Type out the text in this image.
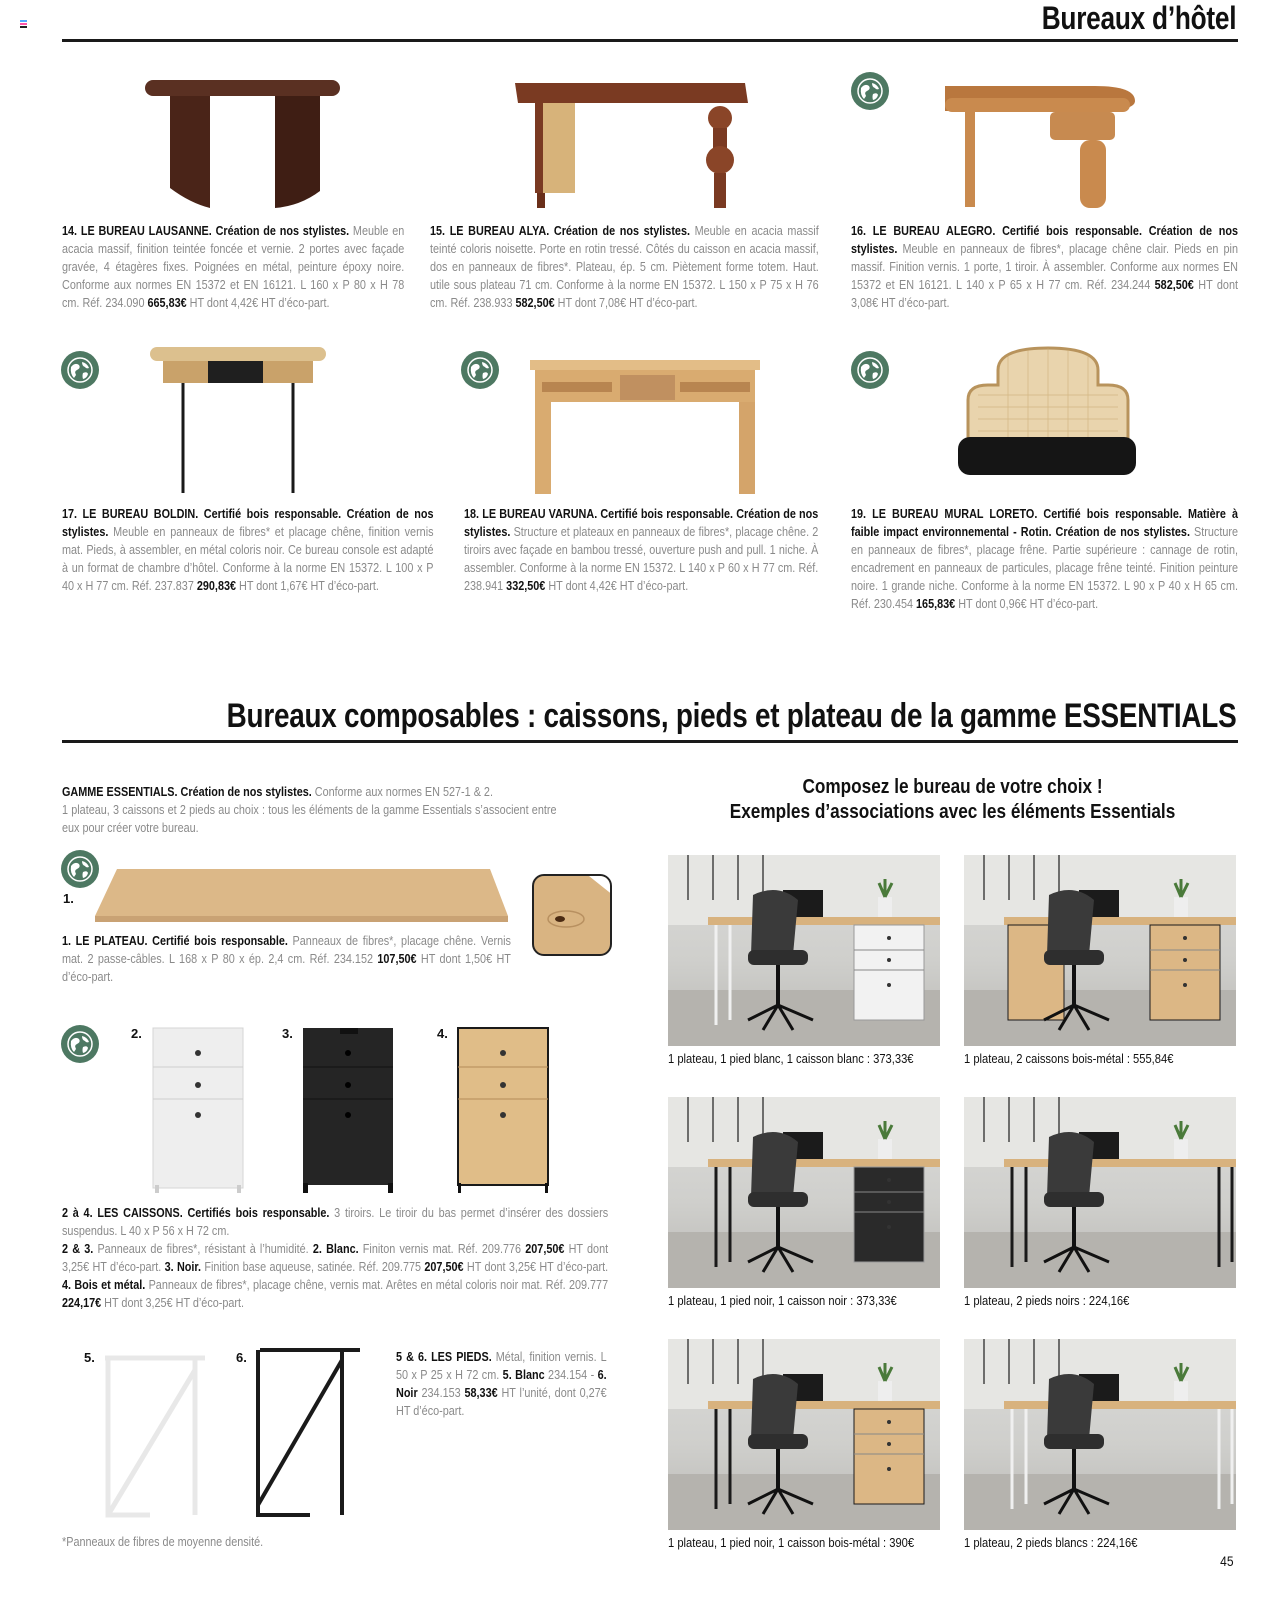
Bureaux d’hôtel
14. LE BUREAU LAUSANNE. Création de nos stylistes. Meuble en acacia massif, finition teintée foncée et vernie. 2 portes avec façade gravée, 4 étagères fixes. Poignées en métal, peinture époxy noire. Conforme aux normes EN 15372 et EN 16121. L 160 x P 80 x H 78 cm. Réf. 234.090 665,83€ HT dont 4,42€ HT d’éco-part.
15. LE BUREAU ALYA. Création de nos stylistes. Meuble en acacia massif teinté coloris noisette. Porte en rotin tressé. Côtés du caisson en acacia massif, dos en panneaux de fibres*. Plateau, ép. 5 cm. Piètement forme totem. Haut. utile sous plateau 71 cm. Conforme à la norme EN 15372. L 150 x P 75 x H 76 cm. Réf. 238.933 582,50€ HT dont 7,08€ HT d’éco-part.
16. LE BUREAU ALEGRO. Certifié bois responsable. Création de nos stylistes. Meuble en panneaux de fibres*, placage chêne clair. Pieds en pin massif. Finition vernis. 1 porte, 1 tiroir. À assembler. Conforme aux normes EN 15372 et EN 16121. L 140 x P 65 x H 77 cm. Réf. 234.244 582,50€ HT dont 3,08€ HT d’éco-part.
17. LE BUREAU BOLDIN. Certifié bois responsable. Création de nos stylistes. Meuble en panneaux de fibres* et placage chêne, finition vernis mat. Pieds, à assembler, en métal coloris noir. Ce bureau console est adapté à un format de chambre d’hôtel. Conforme à la norme EN 15372. L 100 x P 40 x H 77 cm. Réf. 237.837 290,83€ HT dont 1,67€ HT d’éco-part.
18. LE BUREAU VARUNA. Certifié bois responsable. Création de nos stylistes. Structure et plateaux en panneaux de fibres*, placage chêne. 2 tiroirs avec façade en bambou tressé, ouverture push and pull. 1 niche. À assembler. Conforme à la norme EN 15372. L 140 x P 60 x H 77 cm. Réf. 238.941 332,50€ HT dont 4,42€ HT d’éco-part.
19. LE BUREAU MURAL LORETO. Certifié bois responsable. Matière à faible impact environnemental - Rotin. Création de nos stylistes. Structure en panneaux de fibres*, placage frêne. Partie supérieure : cannage de rotin, encadrement en panneaux de particules, placage frêne teinté. Finition peinture noire. 1 grande niche. Conforme à la norme EN 15372. L 90 x P 40 x H 65 cm. Réf. 230.454 165,83€ HT dont 0,96€ HT d’éco-part.
Bureaux composables : caissons, pieds et plateau de la gamme ESSENTIALS
GAMME ESSENTIALS. Création de nos stylistes. Conforme aux normes EN 527-1 & 2.
1 plateau, 3 caissons et 2 pieds au choix : tous les éléments de la gamme Essentials s’associent entre eux pour créer votre bureau.
Composez le bureau de votre choix !
Exemples d’associations avec les éléments Essentials
1.
1. LE PLATEAU. Certifié bois responsable. Panneaux de fibres*, placage chêne. Vernis mat. 2 passe-câbles. L 168 x P 80 x ép. 2,4 cm. Réf. 234.152 107,50€ HT dont 1,50€ HT d’éco-part.
2.	3.	4.
2 à 4. LES CAISSONS. Certifiés bois responsable. 3 tiroirs. Le tiroir du bas permet d’insérer des dossiers suspendus. L 40 x P 56 x H 72 cm.
2 & 3. Panneaux de fibres*, résistant à l’humidité. 2. Blanc. Finiton vernis mat. Réf. 209.776 207,50€ HT dont 3,25€ HT d’éco-part. 3. Noir. Finition base aqueuse, satinée. Réf. 209.775 207,50€ HT dont 3,25€ HT d’éco-part. 4. Bois et métal. Panneaux de fibres*, placage chêne, vernis mat. Arêtes en métal coloris noir mat. Réf. 209.777 224,17€ HT dont 3,25€ HT d’éco-part.
5.	6.	5 & 6. LES PIEDS. Métal, finition vernis. L 50 x P 25 x H 72 cm. 5. Blanc 234.154 - 6. Noir 234.153 58,33€ HT l’unité, dont 0,27€ HT d’éco-part.
*Panneaux de fibres de moyenne densité.
1 plateau, 1 pied blanc, 1 caisson blanc : 373,33€	1 plateau, 2 caissons bois-métal : 555,84€
1 plateau, 1 pied noir, 1 caisson noir : 373,33€	1 plateau, 2 pieds noirs : 224,16€
1 plateau, 1 pied noir, 1 caisson bois-métal : 390€	1 plateau, 2 pieds blancs : 224,16€
45
